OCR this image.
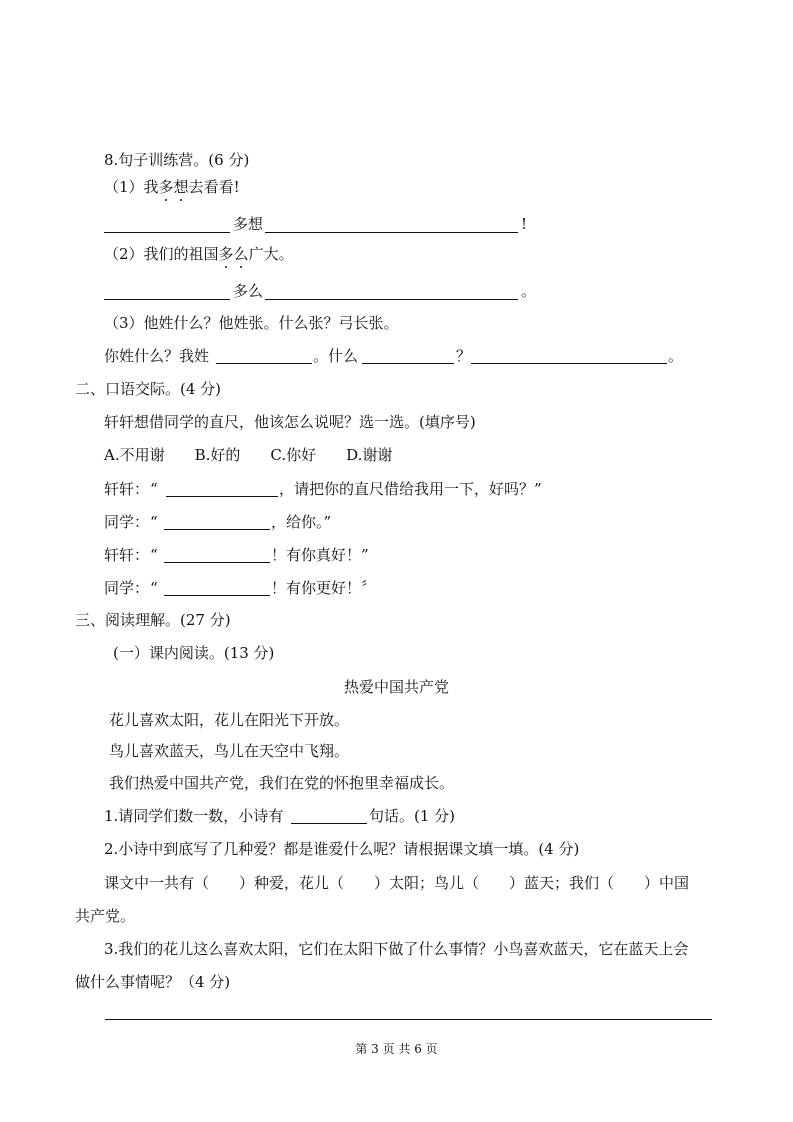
8.句子训练营。(6 分)

（1）我多想去看看!

多想	!

（2）我们的祖国多么广大。

多么	。

（3）他姓什么？他姓张。什么张？弓长张。

你姓什么？我姓	。什么	？	。

二、口语交际。(4 分)

轩轩想借同学的直尺，他该怎么说呢？选一选。(填序号)

A.不用谢　　B.好的　　C.你好　　D.谢谢

轩轩： “	，请把你的直尺借给我用一下，好吗？”

同学： “	，给你。”

轩轩： “	！有你真好！”

同学： “	！有你更好！〞

三、阅读理解。(27 分)

(一）课内阅读。(13 分)

热爱中国共产党

花儿喜欢太阳，花儿在阳光下开放。

鸟儿喜欢蓝天，鸟儿在天空中飞翔。

我们热爱中国共产党，我们在党的怀抱里幸福成长。

1.请同学们数一数，小诗有	句话。(1 分)

2.小诗中到底写了几种爱？都是谁爱什么呢？请根据课文填一填。(4 分)

课文中一共有（　　）种爱，花儿（　　）太阳；鸟儿（　　）蓝天；我们（　　）中国

共产党。

3.我们的花儿这么喜欢太阳，它们在太阳下做了什么事情？小鸟喜欢蓝天，它在蓝天上会

做什么事情呢？（4 分)

第 3 页 共 6 页
